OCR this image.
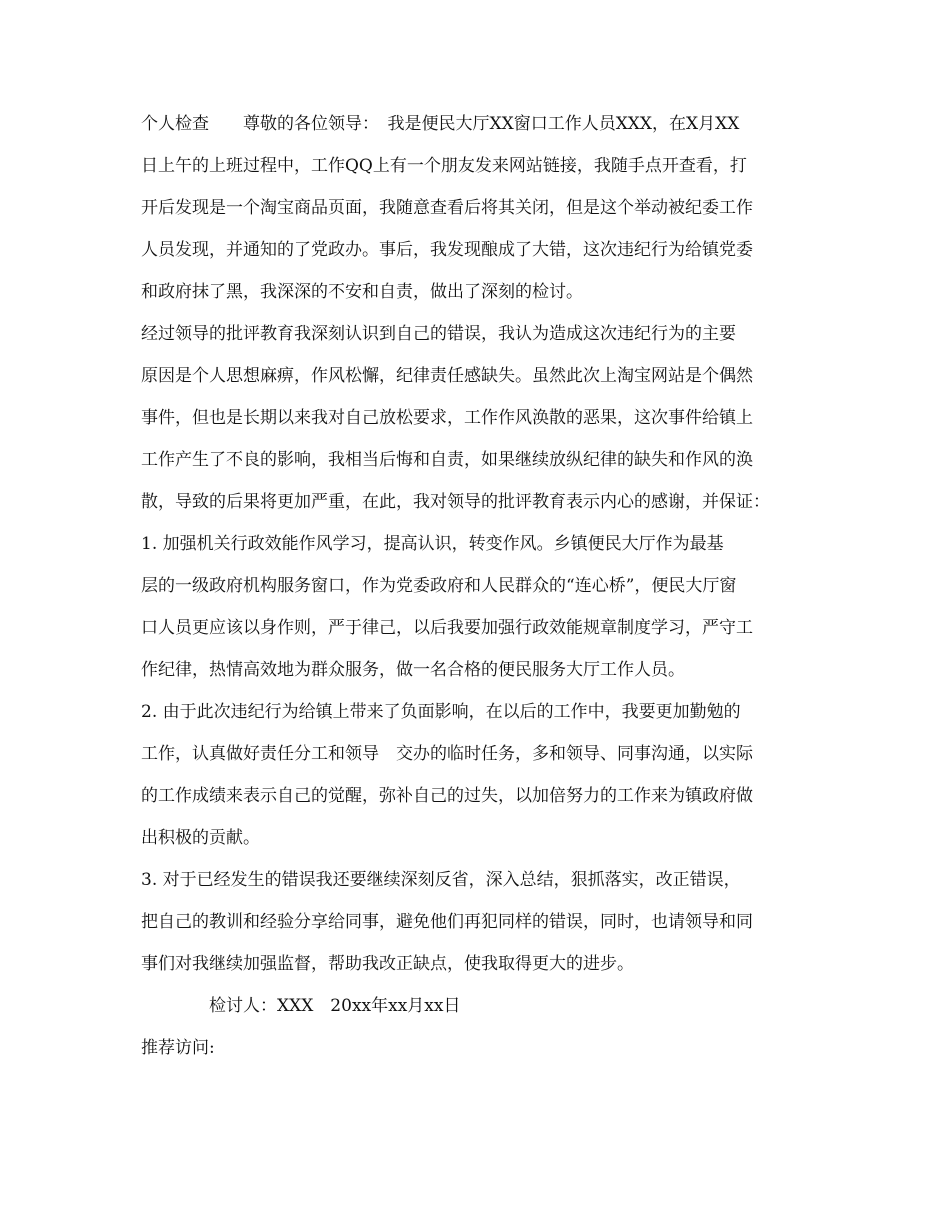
个人检查　　尊敬的各位领导：　我是便民大厅XX窗口工作人员XXX，在X月XX
日上午的上班过程中，工作QQ上有一个朋友发来网站链接，我随手点开查看，打
开后发现是一个淘宝商品页面，我随意查看后将其关闭，但是这个举动被纪委工作
人员发现，并通知的了党政办。事后，我发现酿成了大错，这次违纪行为给镇党委
和政府抹了黑，我深深的不安和自责，做出了深刻的检讨。
经过领导的批评教育我深刻认识到自己的错误，我认为造成这次违纪行为的主要
原因是个人思想麻痹，作风松懈，纪律责任感缺失。虽然此次上淘宝网站是个偶然
事件，但也是长期以来我对自己放松要求，工作作风涣散的恶果，这次事件给镇上
工作产生了不良的影响，我相当后悔和自责，如果继续放纵纪律的缺失和作风的涣
散，导致的后果将更加严重，在此，我对领导的批评教育表示内心的感谢，并保证：
1. 加强机关行政效能作风学习，提高认识，转变作风。乡镇便民大厅作为最基
层的一级政府机构服务窗口，作为党委政府和人民群众的“连心桥”，便民大厅窗
口人员更应该以身作则，严于律己，以后我要加强行政效能规章制度学习，严守工
作纪律，热情高效地为群众服务，做一名合格的便民服务大厅工作人员。
2. 由于此次违纪行为给镇上带来了负面影响，在以后的工作中，我要更加勤勉的
工作，认真做好责任分工和领导　交办的临时任务，多和领导、同事沟通，以实际
的工作成绩来表示自己的觉醒，弥补自己的过失，以加倍努力的工作来为镇政府做
出积极的贡献。
3. 对于已经发生的错误我还要继续深刻反省，深入总结，狠抓落实，改正错误，
把自己的教训和经验分享给同事，避免他们再犯同样的错误，同时，也请领导和同
事们对我继续加强监督，帮助我改正缺点，使我取得更大的进步。
　　　　检讨人：XXX　20xx年xx月xx日
推荐访问:
